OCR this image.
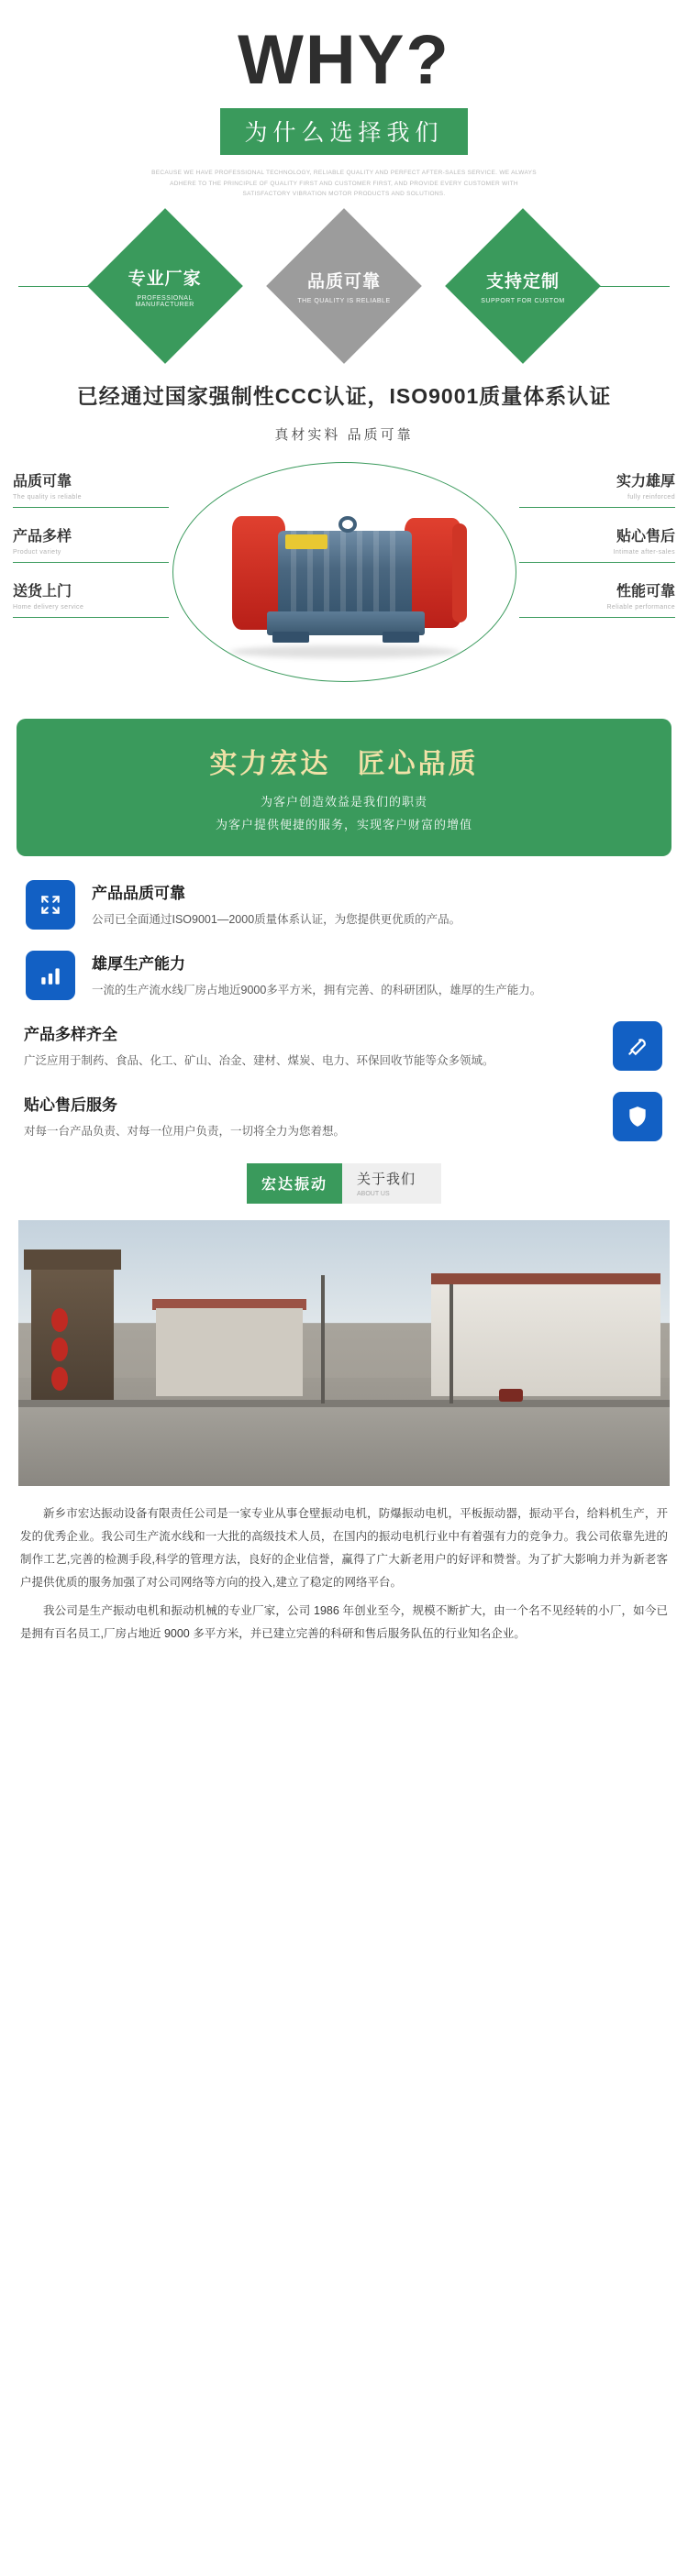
WHY?
为什么选择我们
BECAUSE WE HAVE PROFESSIONAL TECHNOLOGY, RELIABLE QUALITY AND PERFECT AFTER-SALES SERVICE. WE ALWAYS ADHERE TO THE PRINCIPLE OF QUALITY FIRST AND CUSTOMER FIRST, AND PROVIDE EVERY CUSTOMER WITH SATISFACTORY VIBRATION MOTOR PRODUCTS AND SOLUTIONS.
专业厂家
PROFESSIONAL MANUFACTURER
品质可靠
THE QUALITY IS RELIABLE
支持定制
SUPPORT FOR CUSTOM
已经通过国家强制性CCC认证，ISO9001质量体系认证

真材实料 品质可靠

品质可靠
The quality is reliable
产品多样
Product variety
送货上门
Home delivery service
实力雄厚
fully reinforced
贴心售后
Intimate after-sales
性能可靠
Reliable performance
实力宏达 匠心品质

为客户创造效益是我们的职责

为客户提供便捷的服务，实现客户财富的增值

产品品质可靠

公司已全面通过ISO9001—2000质量体系认证，为您提供更优质的产品。

雄厚生产能力

一流的生产流水线厂房占地近9000多平方米，拥有完善、的科研团队，雄厚的生产能力。

产品多样齐全

广泛应用于制药、食品、化工、矿山、冶金、建材、煤炭、电力、环保回收节能等众多领域。

贴心售后服务

对每一台产品负责、对每一位用户负责，一切将全力为您着想。

宏达振动	关于我们
ABOUT US

新乡市宏达振动设备有限责任公司是一家专业从事仓壁振动电机，防爆振动电机，平板振动器，振动平台，给料机生产，开发的优秀企业。我公司生产流水线和一大批的高级技术人员，在国内的振动电机行业中有着强有力的竞争力。我公司依靠先进的制作工艺,完善的检测手段,科学的管理方法，良好的企业信誉，赢得了广大新老用户的好评和赞誉。为了扩大影响力并为新老客户提供优质的服务加强了对公司网络等方向的投入,建立了稳定的网络平台。

我公司是生产振动电机和振动机械的专业厂家，公司 1986 年创业至今，规模不断扩大，由一个名不见经转的小厂，如今已是拥有百名员工,厂房占地近 9000 多平方米，并已建立完善的科研和售后服务队伍的行业知名企业。
